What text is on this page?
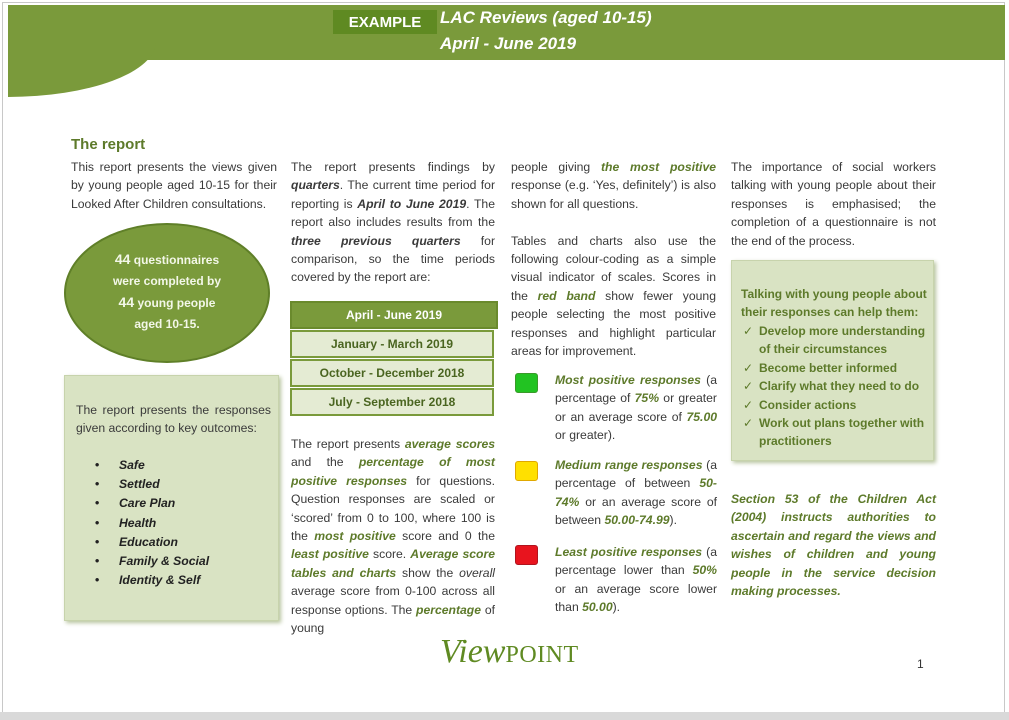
EXAMPLE	LAC Reviews (aged 10-15)
April - June 2019
The report

This report presents the views given by young people aged 10-15 for their Looked After Children consultations.

44 questionnaires
were completed by
44 young people
aged 10-15.
The report presents the responses given according to key outcomes:
• Safe
• Settled
• Care Plan
• Health
• Education
• Family & Social
• Identity & Self

The report presents findings by quarters. The current time period for reporting is April to June 2019. The report also includes results from the three previous quarters for comparison, so the time periods covered by the report are:

April - June 2019
January - March 2019
October - December 2018
July - September 2018

The report presents average scores and the percentage of most positive responses for questions. Question responses are scaled or ‘scored’ from 0 to 100, where 100 is the most positive score and 0 the least positive score. Average score tables and charts show the overall average score from 0-100 across all response options. The percentage of young

people giving the most positive response (e.g. ‘Yes, definitely’) is also shown for all questions.

Tables and charts also use the following colour-coding as a simple visual indicator of scales. Scores in the red band show fewer young people selecting the most positive responses and highlight particular areas for improvement.

Most positive responses (a percentage of 75% or greater or an average score of 75.00 or greater).
Medium range responses (a percentage of between 50-74% or an average score of between 50.00-74.99).
Least positive responses (a percentage lower than 50% or an average score lower than 50.00).

The importance of social workers talking with young people about their responses is emphasised; the completion of a questionnaire is not the end of the process.

Talking with young people about their responses can help them:
✓ Develop more understanding of their circumstances
✓ Become better informed
✓ Clarify what they need to do
✓ Consider actions
✓ Work out plans together with practitioners
Section 53 of the Children Act (2004) instructs authorities to ascertain and regard the views and wishes of children and young people in the service decision making processes.
ViewPOINT	1
